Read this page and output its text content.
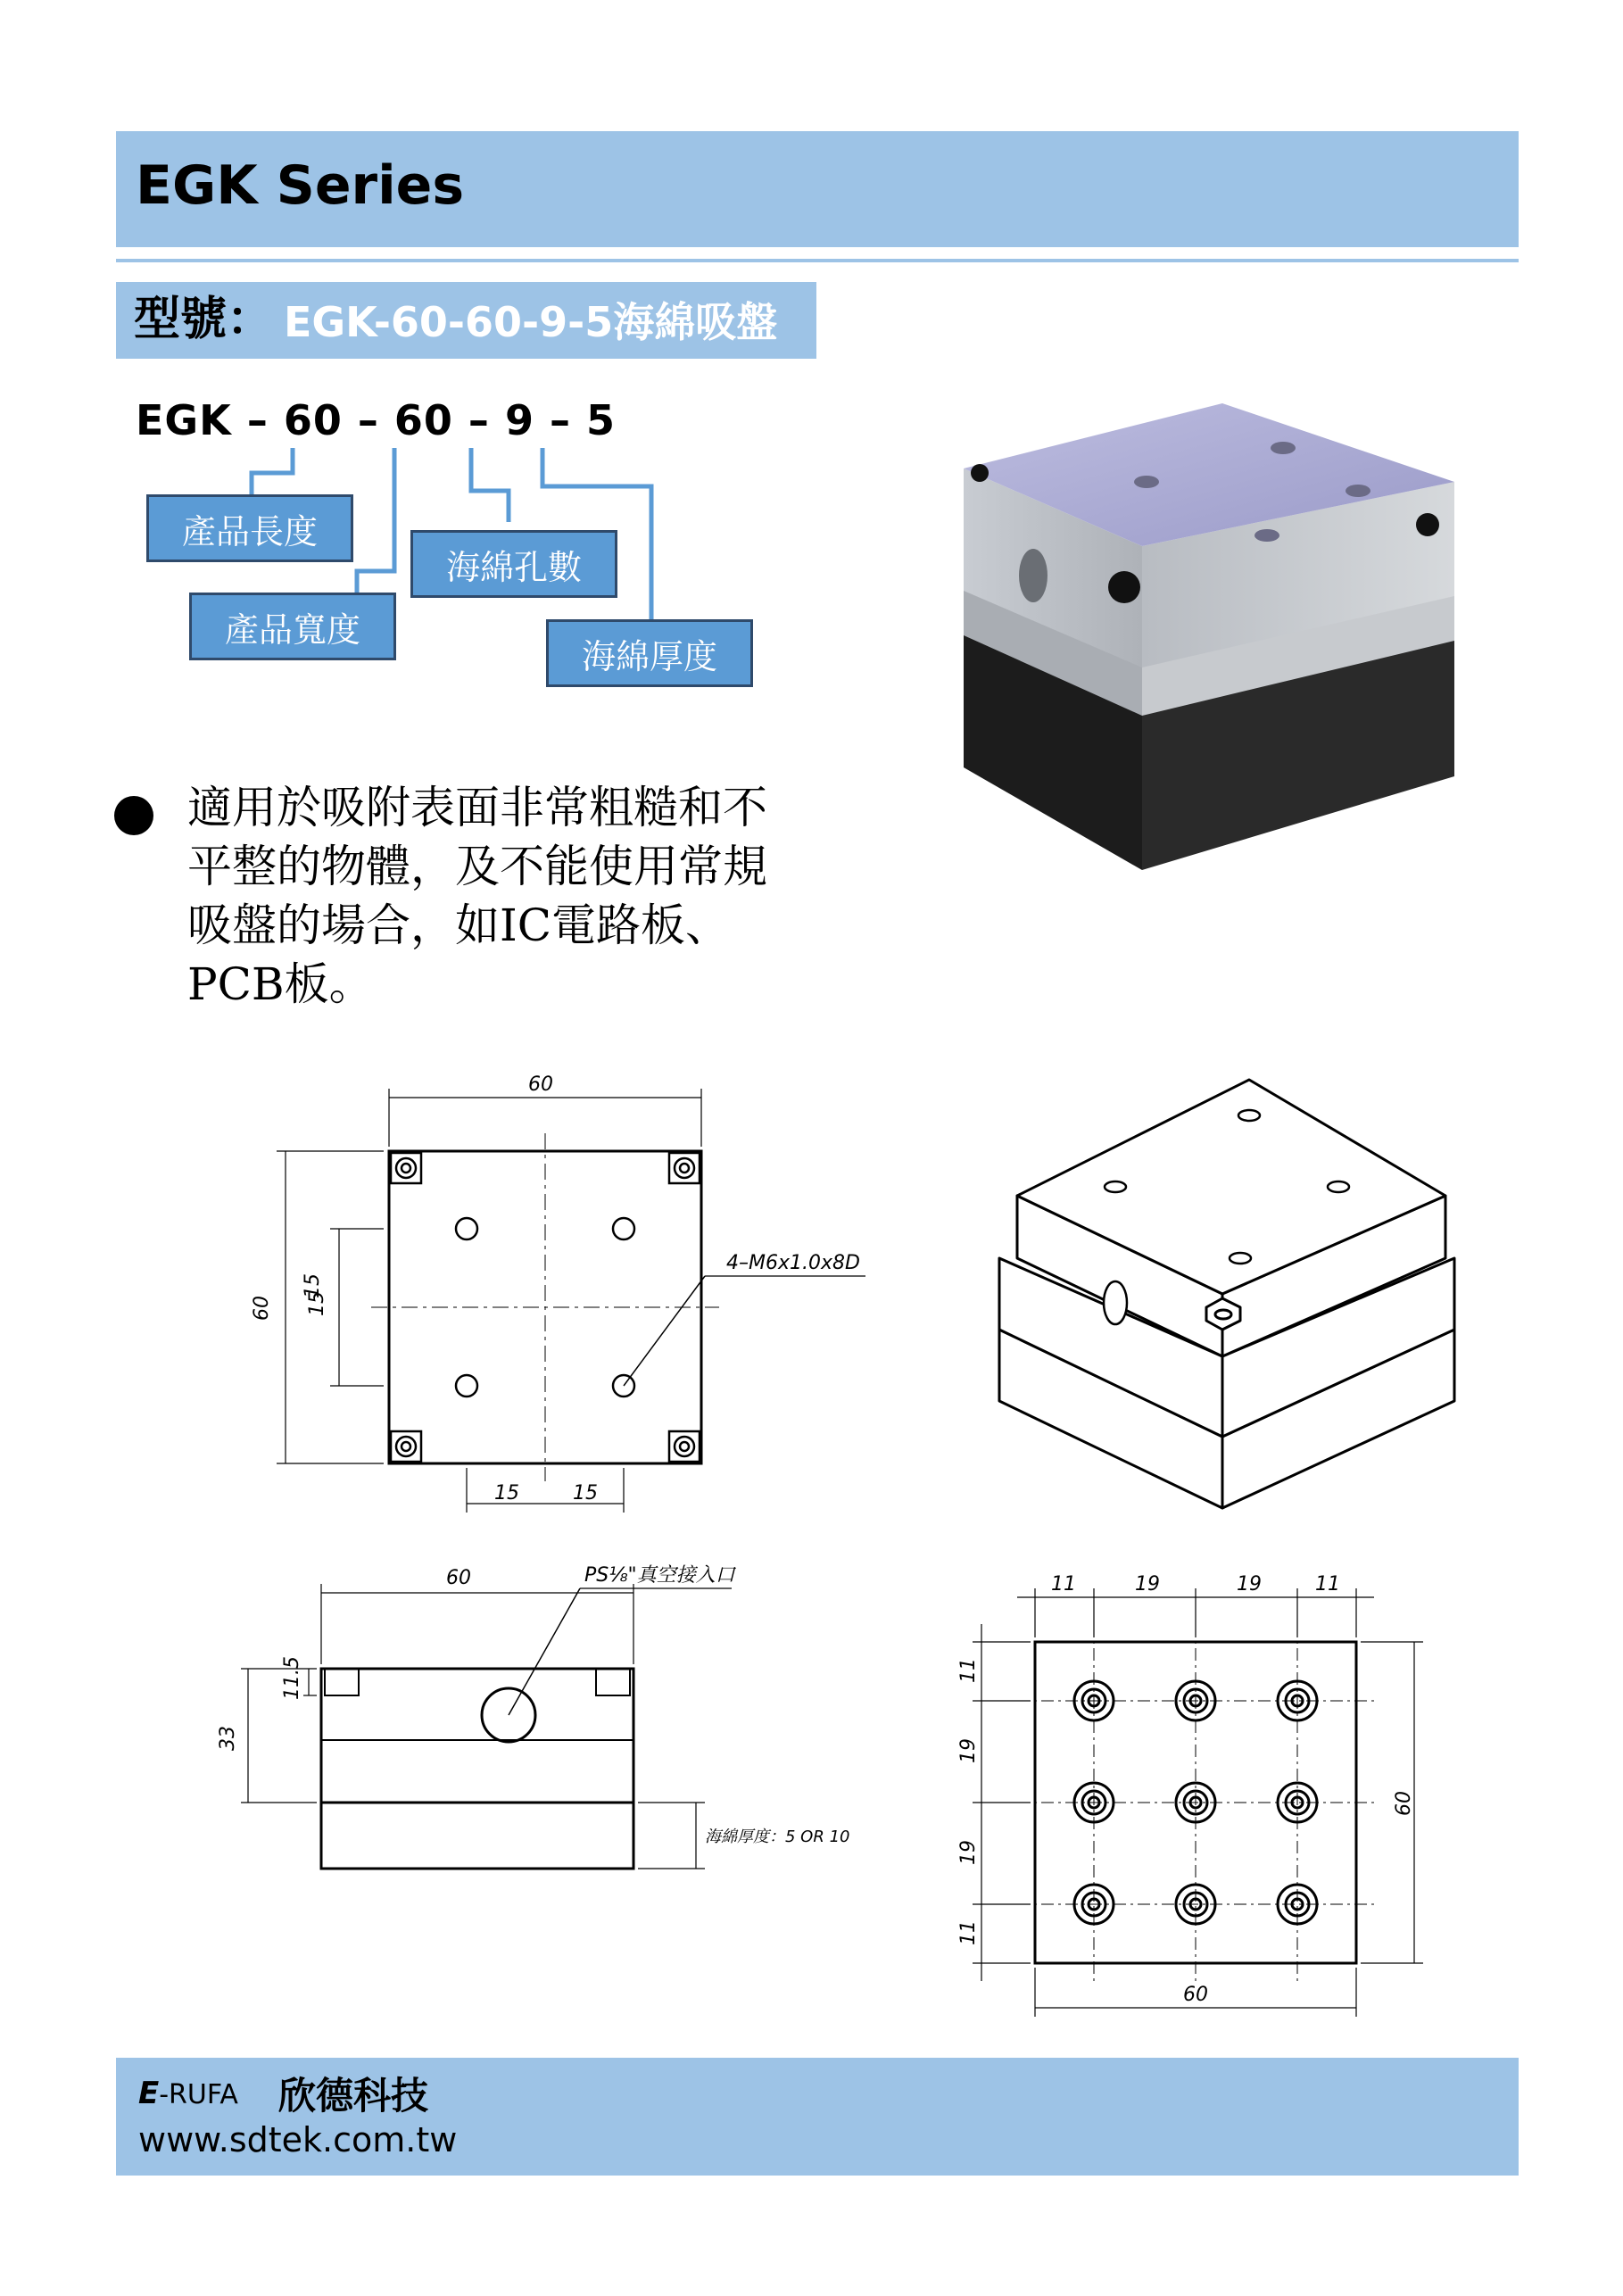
EGK Series
型號： EGK-60-60-9-5海綿吸盤
EGK – 60 – 60 – 9 – 5
產品長度
產品寬度
海綿孔數
海綿厚度
適用於吸附表面非常粗糙和不平整的物體，及不能使用常規吸盤的場合，如IC電路板、PCB板。
60
60 15
15
15	15
4–M6x1.0x8D
60
33
11.5
PS⅛"真空接入口
海綿厚度：5 OR 10
11	19	19	11
11
19
19
11
60
60
E-RUFA 欣德科技
www.sdtek.com.tw
